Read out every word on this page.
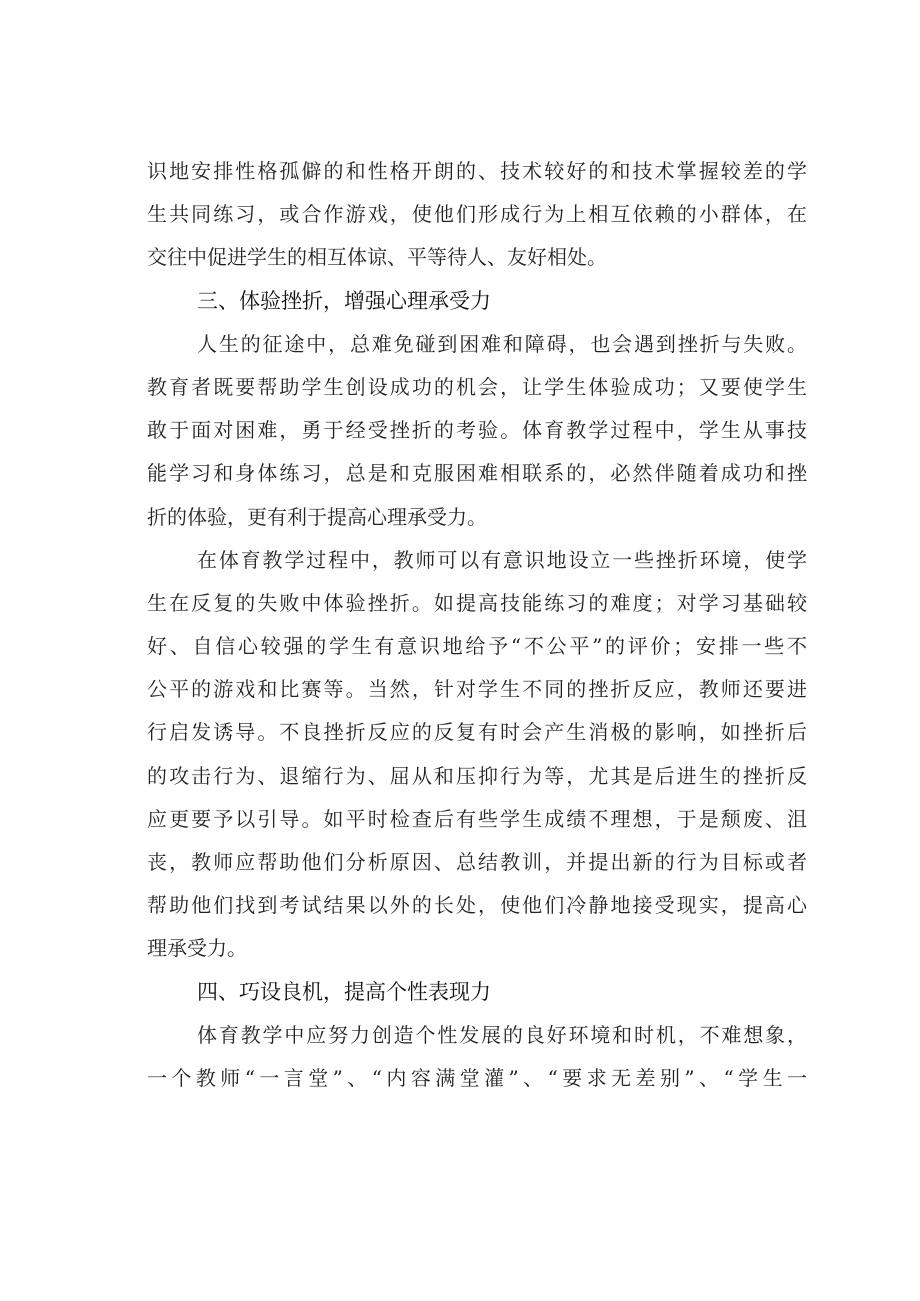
识地安排性格孤僻的和性格开朗的、技术较好的和技术掌握较差的学
生共同练习，或合作游戏，使他们形成行为上相互依赖的小群体，在
交往中促进学生的相互体谅、平等待人、友好相处。
三、体验挫折，增强心理承受力
人生的征途中，总难免碰到困难和障碍，也会遇到挫折与失败。
教育者既要帮助学生创设成功的机会，让学生体验成功；又要使学生
敢于面对困难，勇于经受挫折的考验。体育教学过程中，学生从事技
能学习和身体练习，总是和克服困难相联系的，必然伴随着成功和挫
折的体验，更有利于提高心理承受力。
在体育教学过程中，教师可以有意识地设立一些挫折环境，使学
生在反复的失败中体验挫折。如提高技能练习的难度；对学习基础较
好、自信心较强的学生有意识地给予“不公平”的评价；安排一些不
公平的游戏和比赛等。当然，针对学生不同的挫折反应，教师还要进
行启发诱导。不良挫折反应的反复有时会产生消极的影响，如挫折后
的攻击行为、退缩行为、屈从和压抑行为等，尤其是后进生的挫折反
应更要予以引导。如平时检查后有些学生成绩不理想，于是颓废、沮
丧，教师应帮助他们分析原因、总结教训，并提出新的行为目标或者
帮助他们找到考试结果以外的长处，使他们冷静地接受现实，提高心
理承受力。
四、巧设良机，提高个性表现力
体育教学中应努力创造个性发展的良好环境和时机，不难想象，
一个教师“一言堂”、“内容满堂灌”、“要求无差别”、“学生一
